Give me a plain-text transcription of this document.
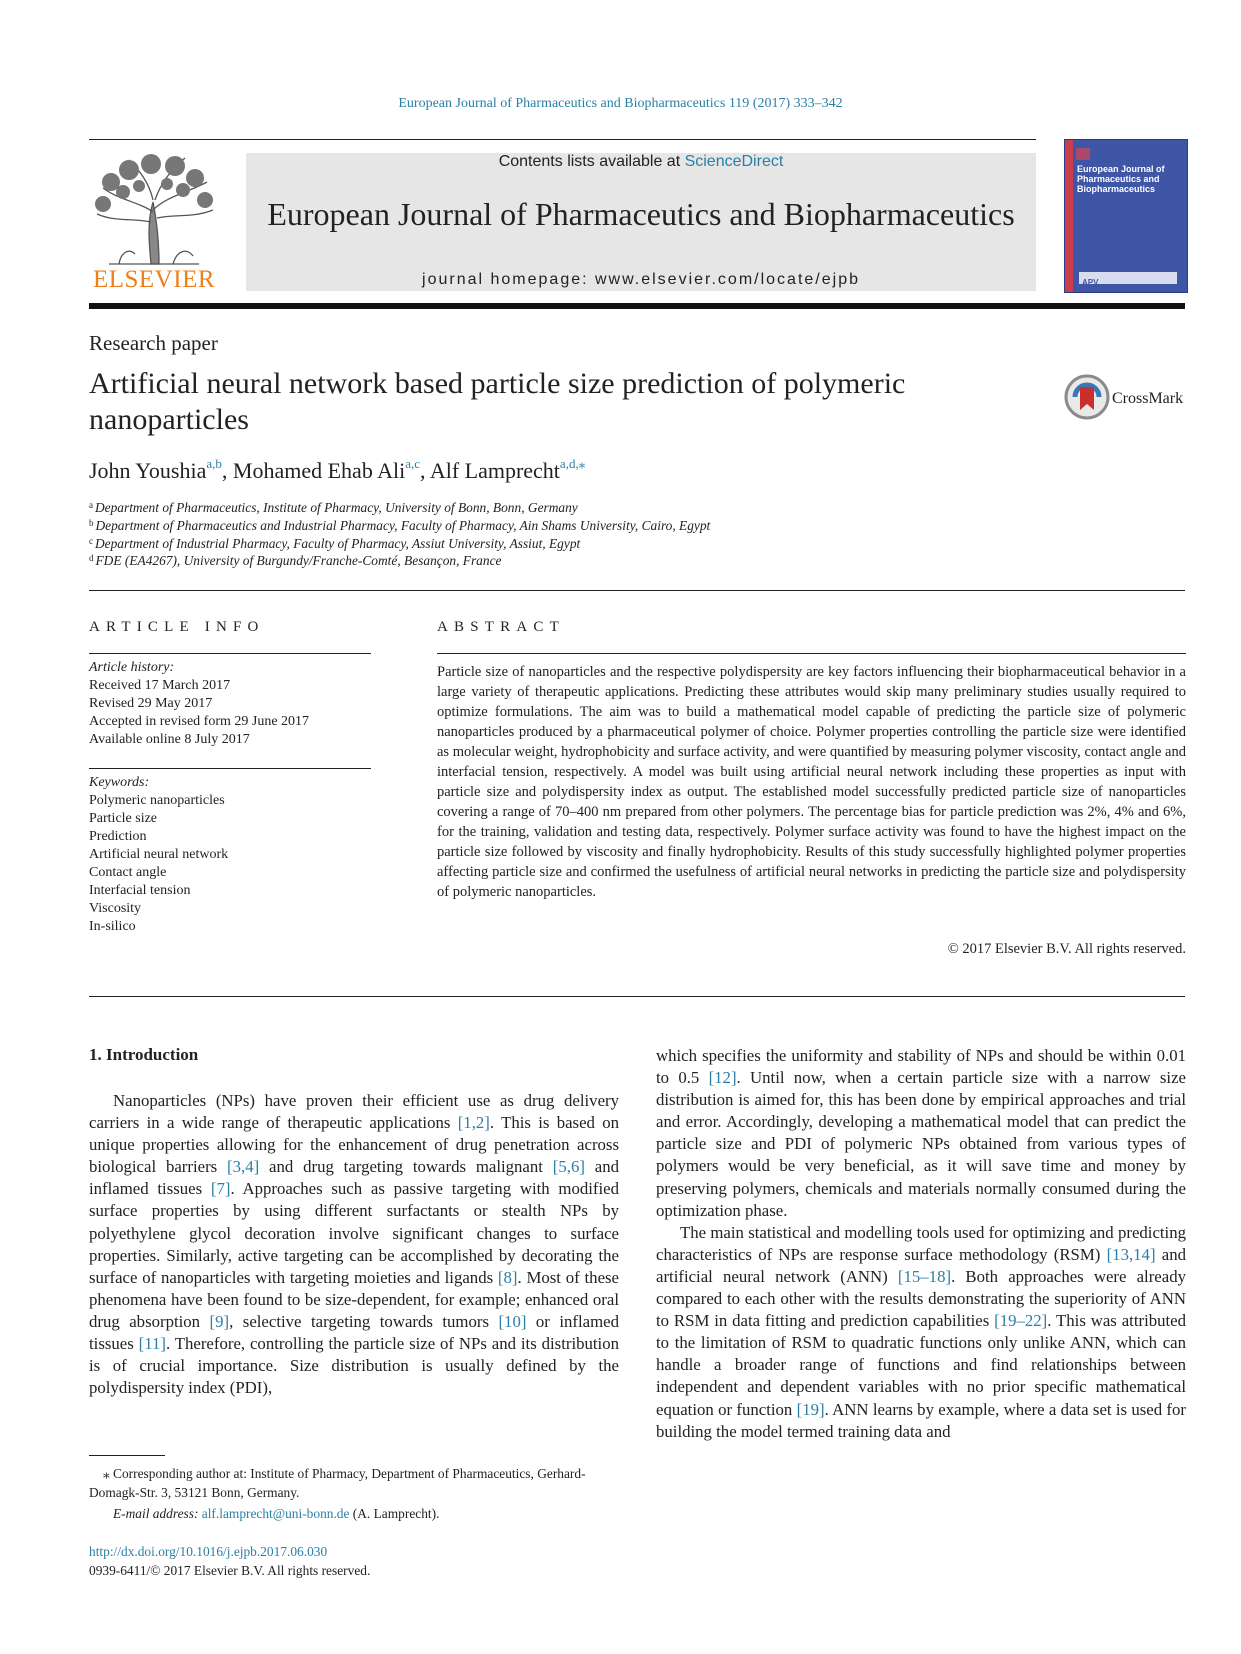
European Journal of Pharmaceutics and Biopharmaceutics 119 (2017) 333–342
ELSEVIER
Contents lists available at ScienceDirect
European Journal of Pharmaceutics and Biopharmaceutics
journal homepage: www.elsevier.com/locate/ejpb
European Journal of Pharmaceutics and Biopharmaceutics
APV
Research paper
Artificial neural network based particle size prediction of polymeric nanoparticles
CrossMark
John Youshia$^{a,b}$, Mohamed Ehab Ali$^{a,c}$, Alf Lamprecht$^{a,d,⁎}$
$^a$ Department of Pharmaceutics, Institute of Pharmacy, University of Bonn, Bonn, Germany
$^b$ Department of Pharmaceutics and Industrial Pharmacy, Faculty of Pharmacy, Ain Shams University, Cairo, Egypt
$^c$ Department of Industrial Pharmacy, Faculty of Pharmacy, Assiut University, Assiut, Egypt
$^d$ FDE (EA4267), University of Burgundy/Franche-Comté, Besançon, France
ARTICLE INFO
Article history:
Received 17 March 2017
Revised 29 May 2017
Accepted in revised form 29 June 2017
Available online 8 July 2017
Keywords:
Polymeric nanoparticles
Particle size
Prediction
Artificial neural network
Contact angle
Interfacial tension
Viscosity
In-silico
ABSTRACT
Particle size of nanoparticles and the respective polydispersity are key factors influencing their biopharmaceutical behavior in a large variety of therapeutic applications. Predicting these attributes would skip many preliminary studies usually required to optimize formulations. The aim was to build a mathematical model capable of predicting the particle size of polymeric nanoparticles produced by a pharmaceutical polymer of choice. Polymer properties controlling the particle size were identified as molecular weight, hydrophobicity and surface activity, and were quantified by measuring polymer viscosity, contact angle and interfacial tension, respectively. A model was built using artificial neural network including these properties as input with particle size and polydispersity index as output. The established model successfully predicted particle size of nanoparticles covering a range of 70–400 nm prepared from other polymers. The percentage bias for particle prediction was 2%, 4% and 6%, for the training, validation and testing data, respectively. Polymer surface activity was found to have the highest impact on the particle size followed by viscosity and finally hydrophobicity. Results of this study successfully highlighted polymer properties affecting particle size and confirmed the usefulness of artificial neural networks in predicting the particle size and polydispersity of polymeric nanoparticles.
© 2017 Elsevier B.V. All rights reserved.
1. Introduction

Nanoparticles (NPs) have proven their efficient use as drug delivery carriers in a wide range of therapeutic applications [1,2]. This is based on unique properties allowing for the enhancement of drug penetration across biological barriers [3,4] and drug targeting towards malignant [5,6] and inflamed tissues [7]. Approaches such as passive targeting with modified surface properties by using different surfactants or stealth NPs by polyethylene glycol decoration involve significant changes to surface properties. Similarly, active targeting can be accomplished by decorating the surface of nanoparticles with targeting moieties and ligands [8]. Most of these phenomena have been found to be size-dependent, for example; enhanced oral drug absorption [9], selective targeting towards tumors [10] or inflamed tissues [11]. Therefore, controlling the particle size of NPs and its distribution is of crucial importance. Size distribution is usually defined by the polydispersity index (PDI),

which specifies the uniformity and stability of NPs and should be within 0.01 to 0.5 [12]. Until now, when a certain particle size with a narrow size distribution is aimed for, this has been done by empirical approaches and trial and error. Accordingly, developing a mathematical model that can predict the particle size and PDI of polymeric NPs obtained from various types of polymers would be very beneficial, as it will save time and money by preserving polymers, chemicals and materials normally consumed during the optimization phase.

The main statistical and modelling tools used for optimizing and predicting characteristics of NPs are response surface methodology (RSM) [13,14] and artificial neural network (ANN) [15–18]. Both approaches were already compared to each other with the results demonstrating the superiority of ANN to RSM in data fitting and prediction capabilities [19–22]. This was attributed to the limitation of RSM to quadratic functions only unlike ANN, which can handle a broader range of functions and find relationships between independent and dependent variables with no prior specific mathematical equation or function [19]. ANN learns by example, where a data set is used for building the model termed training data and

⁎ Corresponding author at: Institute of Pharmacy, Department of Pharmaceutics, Gerhard-Domagk-Str. 3, 53121 Bonn, Germany.
E-mail address: alf.lamprecht@uni-bonn.de (A. Lamprecht).
http://dx.doi.org/10.1016/j.ejpb.2017.06.030
0939-6411/© 2017 Elsevier B.V. All rights reserved.
